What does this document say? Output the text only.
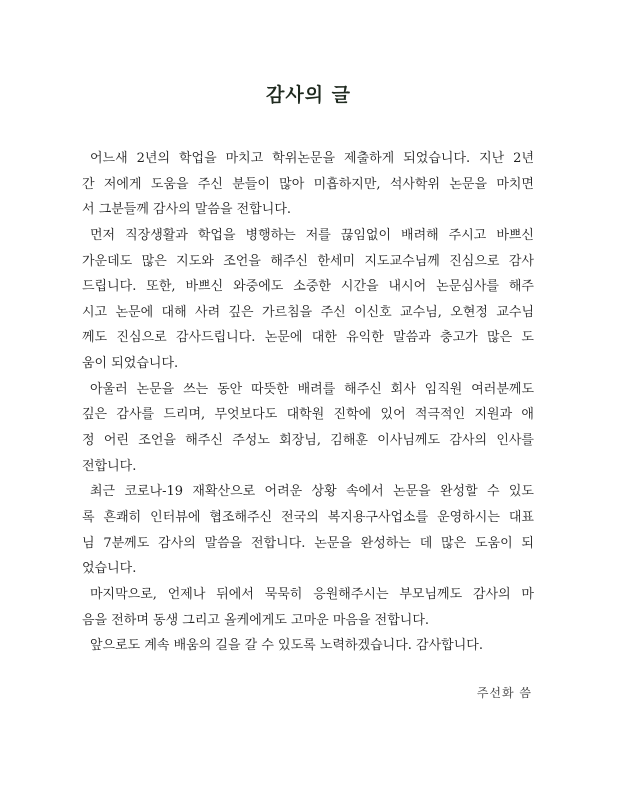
감사의 글
어느새 2년의 학업을 마치고 학위논문을 제출하게 되었습니다. 지난 2년
간 저에게 도움을 주신 분들이 많아 미흡하지만, 석사학위 논문을 마치면
서 그분들께 감사의 말씀을 전합니다.
먼저 직장생활과 학업을 병행하는 저를 끊임없이 배려해 주시고 바쁘신
가운데도 많은 지도와 조언을 해주신 한세미 지도교수님께 진심으로 감사
드립니다. 또한, 바쁘신 와중에도 소중한 시간을 내시어 논문심사를 해주
시고 논문에 대해 사려 깊은 가르침을 주신 이신호 교수님, 오현정 교수님
께도 진심으로 감사드립니다. 논문에 대한 유익한 말씀과 충고가 많은 도
움이 되었습니다.
아울러 논문을 쓰는 동안 따뜻한 배려를 해주신 회사 임직원 여러분께도
깊은 감사를 드리며, 무엇보다도 대학원 진학에 있어 적극적인 지원과 애
정 어린 조언을 해주신 주성노 회장님, 김해훈 이사님께도 감사의 인사를
전합니다.
최근 코로나-19 재확산으로 어려운 상황 속에서 논문을 완성할 수 있도
록 흔쾌히 인터뷰에 협조해주신 전국의 복지용구사업소를 운영하시는 대표
님 7분께도 감사의 말씀을 전합니다. 논문을 완성하는 데 많은 도움이 되
었습니다.
마지막으로, 언제나 뒤에서 묵묵히 응원해주시는 부모님께도 감사의 마
음을 전하며 동생 그리고 올케에게도 고마운 마음을 전합니다.
앞으로도 계속 배움의 길을 갈 수 있도록 노력하겠습니다. 감사합니다.
주선화 씀
